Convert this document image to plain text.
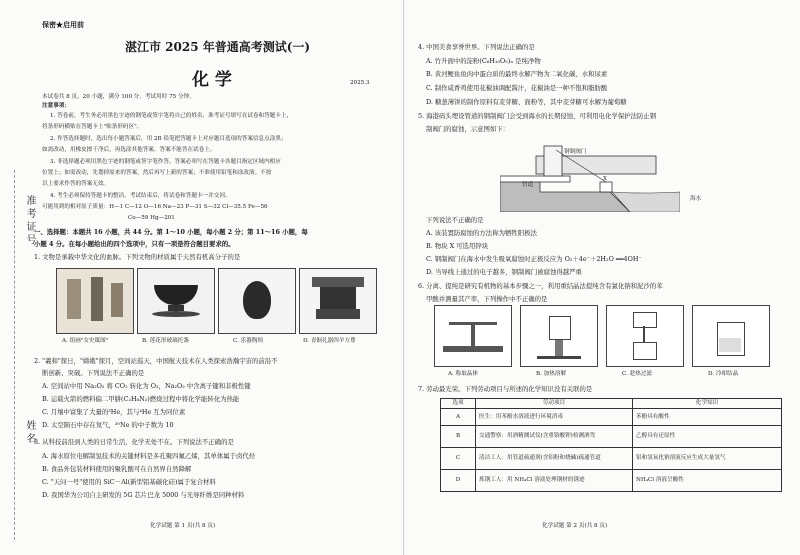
准考证号
姓名
保密★启用前
湛江市 2025 年普通高考测试(一)
化 学	2025.3
本试卷共 8 页，20 小题，满分 100 分。考试用时 75 分钟。
注意事项：
1. 答卷前，考生务必用黑色字迹的钢笔或签字笔将自己的姓名、准考证号填写在试卷和答题卡上，
将条形码横贴在答题卡上"贴条形码区"。
2. 作答选择题时，选出每小题答案后，用 2B 铅笔把答题卡上对应题目选项的答案信息点涂黑；
如需改动，用橡皮擦干净后，再选涂其他答案。答案不能答在试卷上。
3. 非选择题必须用黑色字迹的钢笔或签字笔作答，答案必须写在答题卡各题目指定区域内相应
位置上；如需改动，先划掉原来的答案，然后再写上新的答案；不准使用铅笔和涂改液。不按
以上要求作答的答案无效。
4. 考生必须保持答题卡的整洁。考试结束后，将试卷和答题卡一并交回。
可能用到的相对原子质量：H—1 C—12 O—16 Na—23 P—31 S—32 Cl—35.5 Fe—56
Co—59 Hg—201
一、选择题：本题共 16 小题，共 44 分。第 1～10 小题，每小题 2 分；第 11～16 小题，每
小题 4 分。在每小题给出的四个选项中，只有一项是符合题目要求的。
1. 文物是承载中华文化的血脉。下列文物的材质属于天然有机高分子的是
A. 组画"女史箴图"	B. 莲花形玻璃托盏	C. 乐器陶埙	D. 青铜礼器四羊方尊
2. "羲和"探日，"嫦娥"探月，空间站巡天，中国航天技术在人类探索浩瀚宇宙的前沿不
断创新、突破。下列说法不正确的是
A. 空间站中用 Na₂O₂ 将 CO₂ 转化为 O₂，Na₂O₂ 中含离子键和非极性键
B. 运载火箭的燃料偏二甲肼(C₂H₈N₂)燃烧过程中将化学能转化为热能
C. 月壤中富集了大量的³He，其与⁴He 互为同位素
D. 太空陨石中存在氖气，²⁰Ne 的中子数为 10
3. 从科技前沿到人类的日常生活，化学无处不在。下列说法不正确的是
A. 海水原位电解制氢技术的关键材料是多孔聚四氟乙烯，其单体属于卤代烃
B. 食品外包装材料使用的聚乳酸可在自然界自然降解
C. "天问一号"使用的 SiC－Al(新型铝基碳化硅)属于复合材料
D. 我国华为公司自主研发的 5G 芯片巴龙 5000 与光导纤维是同种材料
化学试题 第 1 页(共 8 页)
4. 中国美食享誉世界。下列说法正确的是
A. 竹升面中的淀粉(C₆H₁₀O₅)ₙ 是纯净物
B. 黄河鲤鱼鱼肉中蛋白质的最终水解产物为二氧化碳、水和尿素
C. 制作咸香鸡使用花椒油调配酱汁，花椒油是一种不饱和脂肪酸
D. 糖葱薄饼的制作原料有麦芽糖、面粉等，其中麦芽糖可水解为葡萄糖
5. 海港码头埋设管道的钢制阀门会受到海水的长期侵蚀，可利用电化学保护法防止钢
制阀门的腐蚀，示意图如下：
钢制阀门
管道
X
海水
下列说法不正确的是
A. 该装置防腐蚀的方法称为牺牲阳极法
B. 物块 X 可选用锌块
C. 钢制阀门在海水中发生吸氧腐蚀时正极反应为 O₂＋4e⁻＋2H₂O ══4OH⁻
D. 当导线上通过的电子越多，钢制阀门被腐蚀得越严重
6. 分离、提纯是研究有机物的基本步骤之一，利用重结晶法提纯含有氯化钠和泥沙的苯
甲酸并测量其产率，下列操作中不正确的是
A. 称取晶体	B. 加热溶解	C. 趁热过滤	D. 冷却结晶
7. 劳动最光荣。下列劳动项目与所述的化学知识没有关联的是
选项	劳动项目	化学知识
A	医生：用苯酚水溶液进行环境消毒	苯酚具有酸性
B	交通警察：用酒精测试仪(含重铬酸钾)检测酒驾	乙醇具有还原性
C	清洁工人：用管道疏通剂(含铝粉和烧碱)疏通管道	铝和氢氧化钠溶液反应生成大量氢气
D	炼钢工人：用 NH₄Cl 溶液处理钢材的锈迹	NH₄Cl 溶液呈酸性
化学试题 第 2 页(共 8 页)
